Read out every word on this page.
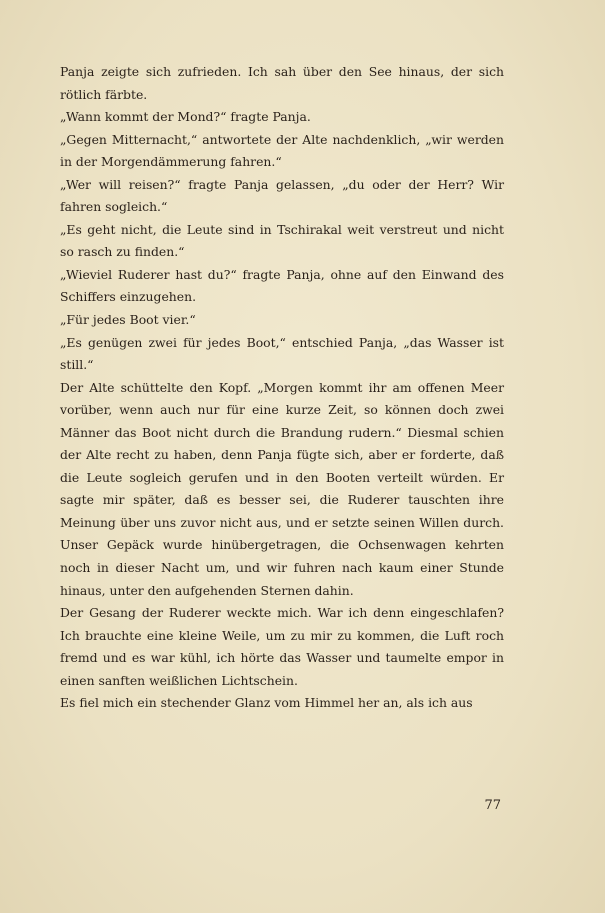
Panja zeigte sich zufrieden. Ich sah über den See hinaus, der sich rötlich färbte.

„Wann kommt der Mond?“ fragte Panja.

„Gegen Mitternacht,“ antwortete der Alte nachdenklich, „wir werden in der Morgendämmerung fahren.“

„Wer will reisen?“ fragte Panja gelassen, „du oder der Herr? Wir fahren sogleich.“

„Es geht nicht, die Leute sind in Tschirakal weit verstreut und nicht so rasch zu finden.“

„Wieviel Ruderer hast du?“ fragte Panja, ohne auf den Einwand des Schiffers einzugehen.

„Für jedes Boot vier.“

„Es genügen zwei für jedes Boot,“ entschied Panja, „das Wasser ist still.“

Der Alte schüttelte den Kopf. „Morgen kommt ihr am offenen Meer vorüber, wenn auch nur für eine kurze Zeit, so können doch zwei Männer das Boot nicht durch die Brandung rudern.“ Diesmal schien der Alte recht zu haben, denn Panja fügte sich, aber er forderte, daß die Leute sogleich gerufen und in den Booten verteilt würden. Er sagte mir später, daß es besser sei, die Ruderer tauschten ihre Meinung über uns zuvor nicht aus, und er setzte seinen Willen durch. Unser Gepäck wurde hinübergetragen, die Ochsenwagen kehrten noch in dieser Nacht um, und wir fuhren nach kaum einer Stunde hinaus, unter den aufgehenden Sternen dahin.

Der Gesang der Ruderer weckte mich. War ich denn eingeschlafen? Ich brauchte eine kleine Weile, um zu mir zu kommen, die Luft roch fremd und es war kühl, ich hörte das Wasser und taumelte empor in einen sanften weißlichen Lichtschein.

Es fiel mich ein stechender Glanz vom Himmel her an, als ich aus

77
